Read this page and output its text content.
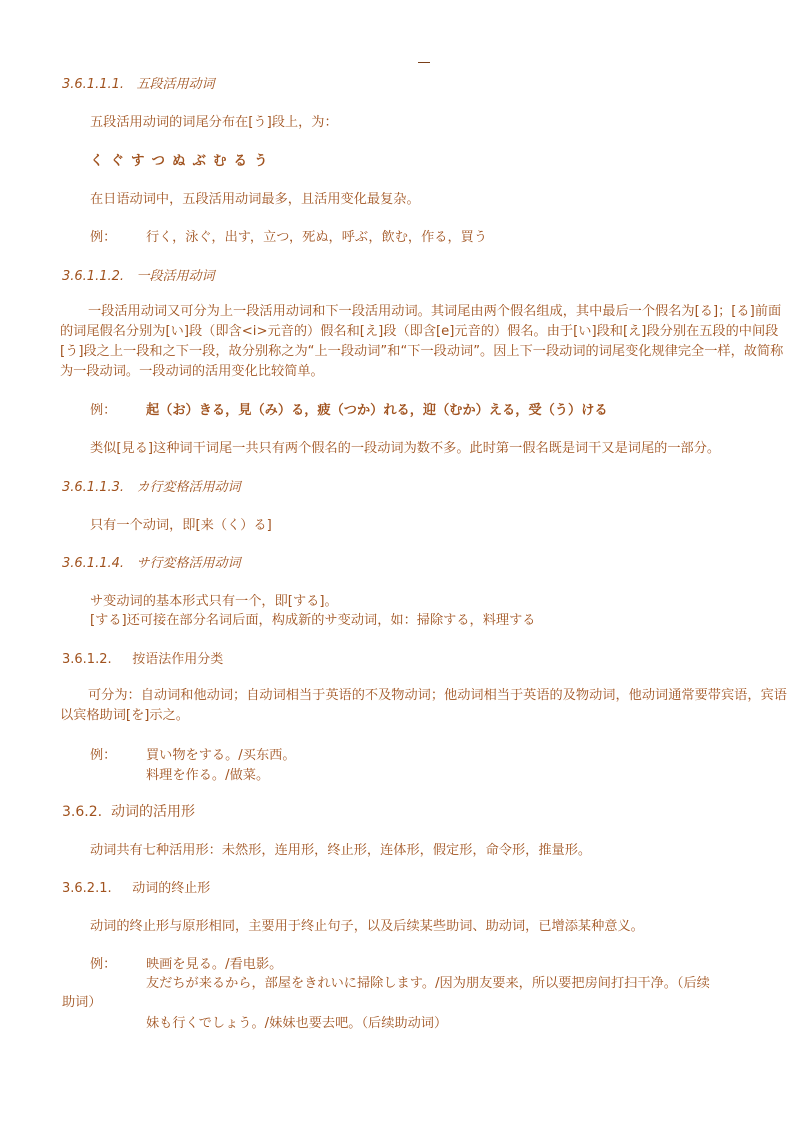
3.6.1.1.1. 五段活用动词
五段活用动词的词尾分布在[う]段上，为：
くぐすつぬぶむるう
在日语动词中，五段活用动词最多，且活用变化最复杂。
例： 行く，泳ぐ，出す，立つ，死ぬ，呼ぶ，飲む，作る，買う
3.6.1.1.2. 一段活用动词
一段活用动词又可分为上一段活用动词和下一段活用动词。其词尾由两个假名组成，其中最后一个假名为[る]；[る]前面的词尾假名分别为[い]段（即含<i>元音的）假名和[え]段（即含[e]元音的）假名。由于[い]段和[え]段分别在五段的中间段[う]段之上一段和之下一段，故分别称之为“上一段动词”和“下一段动词”。因上下一段动词的词尾变化规律完全一样，故简称为一段动词。一段动词的活用变化比较简单。
例： 起（お）きる，見（み）る，疲（つか）れる，迎（むか）える，受（う）ける
类似[見る]这种词干词尾一共只有两个假名的一段动词为数不多。此时第一假名既是词干又是词尾的一部分。
3.6.1.1.3. カ行変格活用动词
只有一个动词，即[来（く）る]
3.6.1.1.4. サ行変格活用动词
サ变动词的基本形式只有一个，即[する]。
[する]还可接在部分名词后面，构成新的サ变动词，如：掃除する，料理する
3.6.1.2. 按语法作用分类
可分为：自动词和他动词；自动词相当于英语的不及物动词；他动词相当于英语的及物动词，他动词通常要带宾语，宾语以宾格助词[を]示之。
例： 買い物をする。/买东西。
料理を作る。/做菜。
3.6.2. 动词的活用形
动词共有七种活用形：未然形，连用形，终止形，连体形，假定形，命令形，推量形。
3.6.2.1. 动词的终止形
动词的终止形与原形相同，主要用于终止句子，以及后续某些助词、助动词，已增添某种意义。
例： 映画を見る。/看电影。
友だちが来るから，部屋をきれいに掃除します。/因为朋友要来，所以要把房间打扫干净。（后续
助词）
妹も行くでしょう。/妹妹也要去吧。（后续助动词）
